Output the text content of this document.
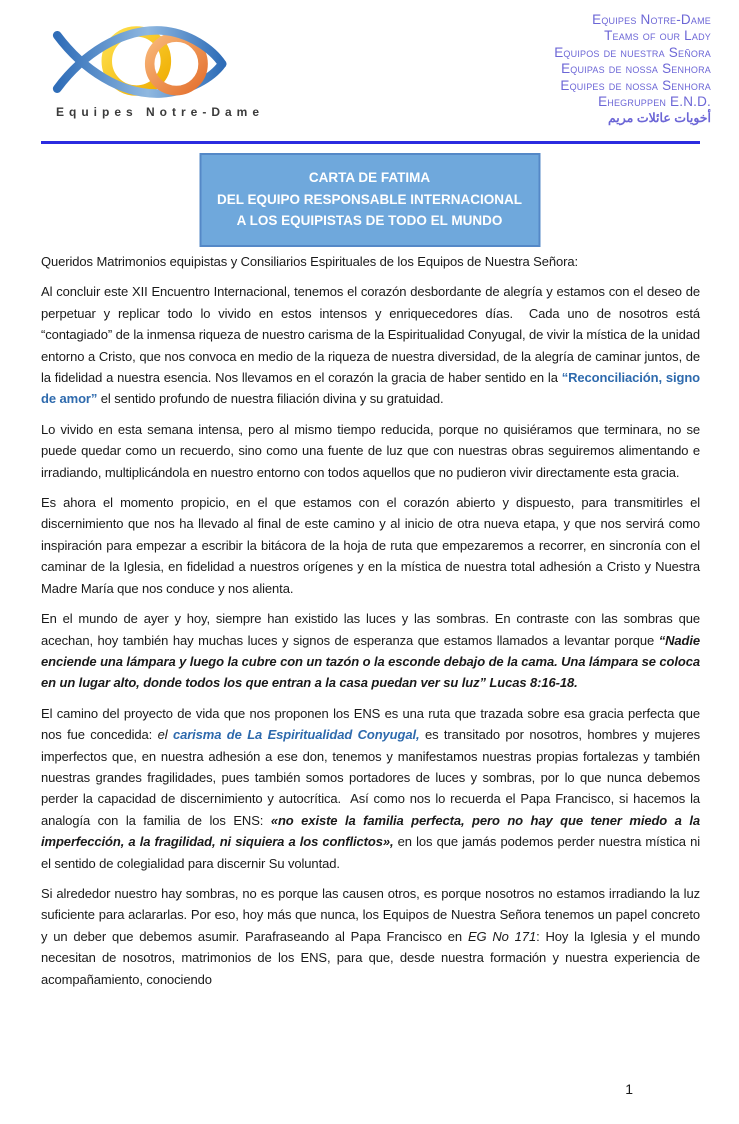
Equipes Notre-Dame
Equipes Notre-Dame
Teams of our Lady
Equipos de nuestra Señora
Equipas de nossa Senhora
Equipes de nossa Senhora
Ehegruppen E.N.D.
أخويات عائلات مريم
CARTA DE FATIMA
DEL EQUIPO RESPONSABLE INTERNACIONAL
A LOS EQUIPISTAS DE TODO EL MUNDO

Queridos Matrimonios equipistas y Consiliarios Espirituales de los Equipos de Nuestra Señora:

Al concluir este XII Encuentro Internacional, tenemos el corazón desbordante de alegría y estamos con el deseo de perpetuar y replicar todo lo vivido en estos intensos y enriquecedores días.  Cada uno de nosotros está “contagiado” de la inmensa riqueza de nuestro carisma de la Espiritualidad Conyugal, de vivir la mística de la unidad entorno a Cristo, que nos convoca en medio de la riqueza de nuestra diversidad, de la alegría de caminar juntos, de la fidelidad a nuestra esencia. Nos llevamos en el corazón la gracia de haber sentido en la “Reconciliación, signo de amor” el sentido profundo de nuestra filiación divina y su gratuidad.

Lo vivido en esta semana intensa, pero al mismo tiempo reducida, porque no quisiéramos que terminara, no se puede quedar como un recuerdo, sino como una fuente de luz que con nuestras obras seguiremos alimentando e irradiando, multiplicándola en nuestro entorno con todos aquellos que no pudieron vivir directamente esta gracia.

Es ahora el momento propicio, en el que estamos con el corazón abierto y dispuesto, para transmitirles el discernimiento que nos ha llevado al final de este camino y al inicio de otra nueva etapa, y que nos servirá como inspiración para empezar a escribir la bitácora de la hoja de ruta que empezaremos a recorrer, en sincronía con el caminar de la Iglesia, en fidelidad a nuestros orígenes y en la mística de nuestra total adhesión a Cristo y Nuestra Madre María que nos conduce y nos alienta.

En el mundo de ayer y hoy, siempre han existido las luces y las sombras. En contraste con las sombras que acechan, hoy también hay muchas luces y signos de esperanza que estamos llamados a levantar porque “Nadie enciende una lámpara y luego la cubre con un tazón o la esconde debajo de la cama. Una lámpara se coloca en un lugar alto, donde todos los que entran a la casa puedan ver su luz” Lucas 8:16-18.

El camino del proyecto de vida que nos proponen los ENS es una ruta que trazada sobre esa gracia perfecta que nos fue concedida: el carisma de La Espiritualidad Conyugal, es transitado por nosotros, hombres y mujeres imperfectos que, en nuestra adhesión a ese don, tenemos y manifestamos nuestras propias fortalezas y también nuestras grandes fragilidades, pues también somos portadores de luces y sombras, por lo que nunca debemos perder la capacidad de discernimiento y autocrítica.  Así como nos lo recuerda el Papa Francisco, si hacemos la analogía con la familia de los ENS: «no existe la familia perfecta, pero no hay que tener miedo a la imperfección, a la fragilidad, ni siquiera a los conflictos», en los que jamás podemos perder nuestra mística ni el sentido de colegialidad para discernir Su voluntad.

Si alrededor nuestro hay sombras, no es porque las causen otros, es porque nosotros no estamos irradiando la luz suficiente para aclararlas. Por eso, hoy más que nunca, los Equipos de Nuestra Señora tenemos un papel concreto y un deber que debemos asumir. Parafraseando al Papa Francisco en EG No 171: Hoy la Iglesia y el mundo necesitan de nosotros, matrimonios de los ENS, para que, desde nuestra formación y nuestra experiencia de acompañamiento, conociendo

1
